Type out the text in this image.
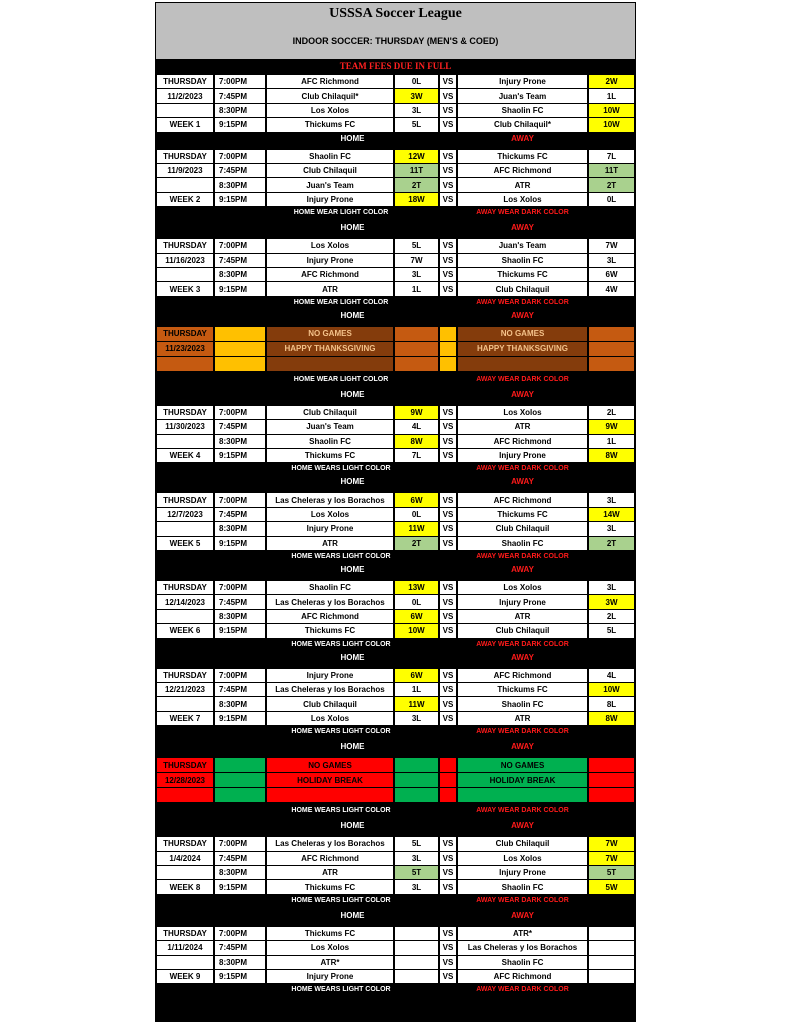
USSSA Soccer League
INDOOR SOCCER: THURSDAY (MEN'S & COED)
TEAM FEES DUE IN FULL
THURSDAY	7:00PM	AFC Richmond	0L	VS	Injury Prone	2W
11/2/2023	7:45PM	Club Chilaquil*	3W	VS	Juan's Team	1L
8:30PM	Los Xolos	3L	VS	Shaolin FC	10W
WEEK 1	9:15PM	Thickums FC	5L	VS	Club Chilaquil*	10W
HOME	AWAY
THURSDAY	7:00PM	Shaolin FC	12W	VS	Thickums FC	7L
11/9/2023	7:45PM	Club Chilaquil	11T	VS	AFC Richmond	11T
8:30PM	Juan's Team	2T	VS	ATR	2T
WEEK 2	9:15PM	Injury Prone	18W	VS	Los Xolos	0L
HOME WEAR LIGHT COLOR	AWAY WEAR DARK COLOR
HOME	AWAY
THURSDAY	7:00PM	Los Xolos	5L	VS	Juan's Team	7W
11/16/2023	7:45PM	Injury Prone	7W	VS	Shaolin FC	3L
8:30PM	AFC Richmond	3L	VS	Thickums FC	6W
WEEK 3	9:15PM	ATR	1L	VS	Club Chilaquil	4W
HOME WEAR LIGHT COLOR	AWAY WEAR DARK COLOR
HOME	AWAY
THURSDAY	NO GAMES	NO GAMES
11/23/2023	HAPPY THANKSGIVING	HAPPY THANKSGIVING
HOME WEAR LIGHT COLOR	AWAY WEAR DARK COLOR
HOME	AWAY
THURSDAY	7:00PM	Club Chilaquil	9W	VS	Los Xolos	2L
11/30/2023	7:45PM	Juan's Team	4L	VS	ATR	9W
8:30PM	Shaolin FC	8W	VS	AFC Richmond	1L
WEEK 4	9:15PM	Thickums FC	7L	VS	Injury Prone	8W
HOME WEARS LIGHT COLOR	AWAY WEAR DARK COLOR
HOME	AWAY
THURSDAY	7:00PM	Las Cheleras y los Borachos	6W	VS	AFC Richmond	3L
12/7/2023	7:45PM	Los Xolos	0L	VS	Thickums FC	14W
8:30PM	Injury Prone	11W	VS	Club Chilaquil	3L
WEEK 5	9:15PM	ATR	2T	VS	Shaolin FC	2T
HOME WEARS LIGHT COLOR	AWAY WEAR DARK COLOR
HOME	AWAY
THURSDAY	7:00PM	Shaolin FC	13W	VS	Los Xolos	3L
12/14/2023	7:45PM	Las Cheleras y los Borachos	0L	VS	Injury Prone	3W
8:30PM	AFC Richmond	6W	VS	ATR	2L
WEEK 6	9:15PM	Thickums FC	10W	VS	Club Chilaquil	5L
HOME WEARS LIGHT COLOR	AWAY WEAR DARK COLOR
HOME	AWAY
THURSDAY	7:00PM	Injury Prone	6W	VS	AFC Richmond	4L
12/21/2023	7:45PM	Las Cheleras y los Borachos	1L	VS	Thickums FC	10W
8:30PM	Club Chilaquil	11W	VS	Shaolin FC	8L
WEEK 7	9:15PM	Los Xolos	3L	VS	ATR	8W
HOME WEARS LIGHT COLOR	AWAY WEAR DARK COLOR
HOME	AWAY
THURSDAY	NO GAMES	NO GAMES
12/28/2023	HOLIDAY BREAK	HOLIDAY BREAK
HOME WEARS LIGHT COLOR	AWAY WEAR DARK COLOR
HOME	AWAY
THURSDAY	7:00PM	Las Cheleras y los Borachos	5L	VS	Club Chilaquil	7W
1/4/2024	7:45PM	AFC Richmond	3L	VS	Los Xolos	7W
8:30PM	ATR	5T	VS	Injury Prone	5T
WEEK 8	9:15PM	Thickums FC	3L	VS	Shaolin FC	5W
HOME WEARS LIGHT COLOR	AWAY WEAR DARK COLOR
HOME	AWAY
THURSDAY	7:00PM	Thickums FC	VS	ATR*
1/11/2024	7:45PM	Los Xolos	VS	Las Cheleras y los Borachos
8:30PM	ATR*	VS	Shaolin FC
WEEK 9	9:15PM	Injury Prone	VS	AFC Richmond
HOME WEARS LIGHT COLOR	AWAY WEAR DARK COLOR
